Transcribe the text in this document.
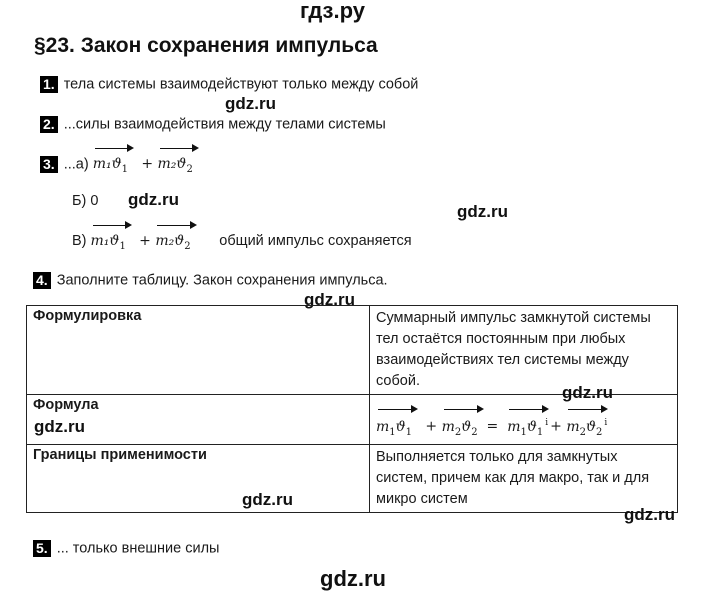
гдз.ру
§23. Закон сохранения импульса
1. тела системы взаимодействуют только между собой
gdz.ru
2. ...силы взаимодействия между телами системы
3. ...а) $m_1ϑ_1 + m_2ϑ_2$
Б) 0 gdz.ru
gdz.ru
В) $m_1ϑ_1 + m_2ϑ_2$ общий импульс сохраняется
4. Заполните таблицу. Закон сохранения импульса.
gdz.ru
Формулировка	Суммарный импульс замкнутой системы тел остаётся постоянным при любых взаимодействиях тел системы между собой.
Формула	$m_1ϑ_1 + m_2ϑ_2 = m_1ϑ_1^i + m_2ϑ_2^i$

Границы применимости	Выполняется только для замкнутых систем, причем как для макро, так и для микро систем
gdz.ru
gdz.ru
gdz.ru
gdz.ru
5. ... только внешние силы
gdz.ru
